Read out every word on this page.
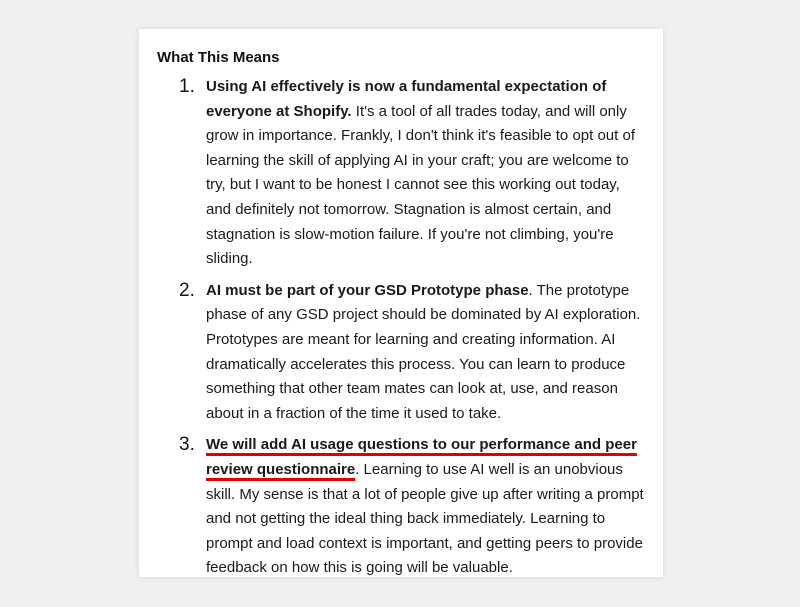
What This Means
1. Using AI effectively is now a fundamental expectation of everyone at Shopify. It's a tool of all trades today, and will only grow in importance. Frankly, I don't think it's feasible to opt out of learning the skill of applying AI in your craft; you are welcome to try, but I want to be honest I cannot see this working out today, and definitely not tomorrow. Stagnation is almost certain, and stagnation is slow-motion failure. If you're not climbing, you're sliding.
2. AI must be part of your GSD Prototype phase. The prototype phase of any GSD project should be dominated by AI exploration. Prototypes are meant for learning and creating information. AI dramatically accelerates this process. You can learn to produce something that other team mates can look at, use, and reason about in a fraction of the time it used to take.
3. We will add AI usage questions to our performance and peer review questionnaire. Learning to use AI well is an unobvious skill. My sense is that a lot of people give up after writing a prompt and not getting the ideal thing back immediately. Learning to prompt and load context is important, and getting peers to provide feedback on how this is going will be valuable.
